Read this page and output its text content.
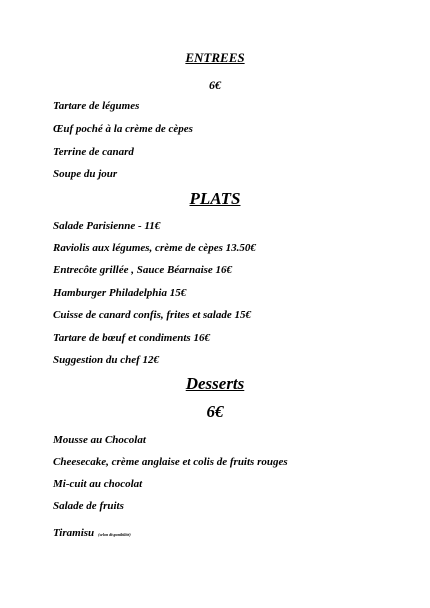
ENTREES

6€

Tartare de légumes

Œuf poché à la crème de cèpes

Terrine de canard

Soupe du jour

PLATS

Salade Parisienne - 11€

Raviolis aux légumes, crème de cèpes 13.50€

Entrecôte grillée , Sauce Béarnaise 16€

Hamburger Philadelphia 15€

Cuisse de canard confis, frites et salade 15€

Tartare de bœuf et condiments 16€

Suggestion du chef 12€

Desserts

6€

Mousse au Chocolat

Cheesecake, crème anglaise et colis de fruits rouges

Mi-cuit au chocolat

Salade de fruits

Tiramisu (selon disponibilité)
